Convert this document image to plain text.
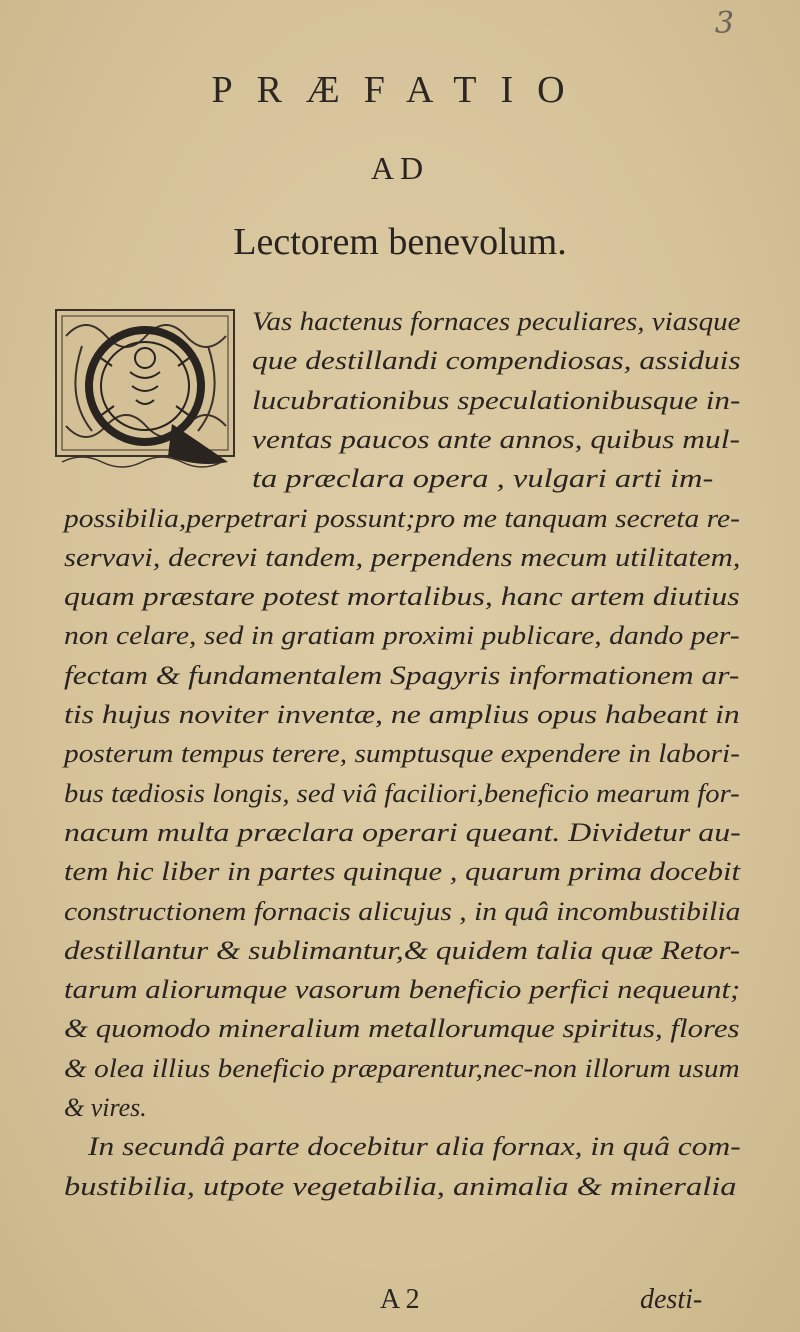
3
PRÆFATIO
AD
Lectorem benevolum.
Vas hactenus fornaces peculiares, viasque
que destillandi compendiosas, assiduis
lucubrationibus speculationibusque in-
ventas paucos ante annos, quibus mul-
ta præclara opera , vulgari arti im-
possibilia,perpetrari possunt;pro me tanquam secreta re-
servavi, decrevi tandem, perpendens mecum utilitatem,
quam præstare potest mortalibus, hanc artem diutius
non celare, sed in gratiam proximi publicare, dando per-
fectam & fundamentalem Spagyris informationem ar-
tis hujus noviter inventæ, ne amplius opus habeant in
posterum tempus terere, sumptusque expendere in labori-
bus tædiosis longis, sed viâ faciliori,beneficio mearum for-
nacum multa præclara operari queant. Dividetur au-
tem hic liber in partes quinque , quarum prima docebit
constructionem fornacis alicujus , in quâ incombustibilia
destillantur & sublimantur,& quidem talia quæ Retor-
tarum aliorumque vasorum beneficio perfici nequeunt;
& quomodo mineralium metallorumque spiritus, flores
& olea illius beneficio præparentur,nec-non illorum usum
& vires.
In secundâ parte docebitur alia fornax, in quâ com-
bustibilia, utpote vegetabilia, animalia & mineralia
A 2	desti-
